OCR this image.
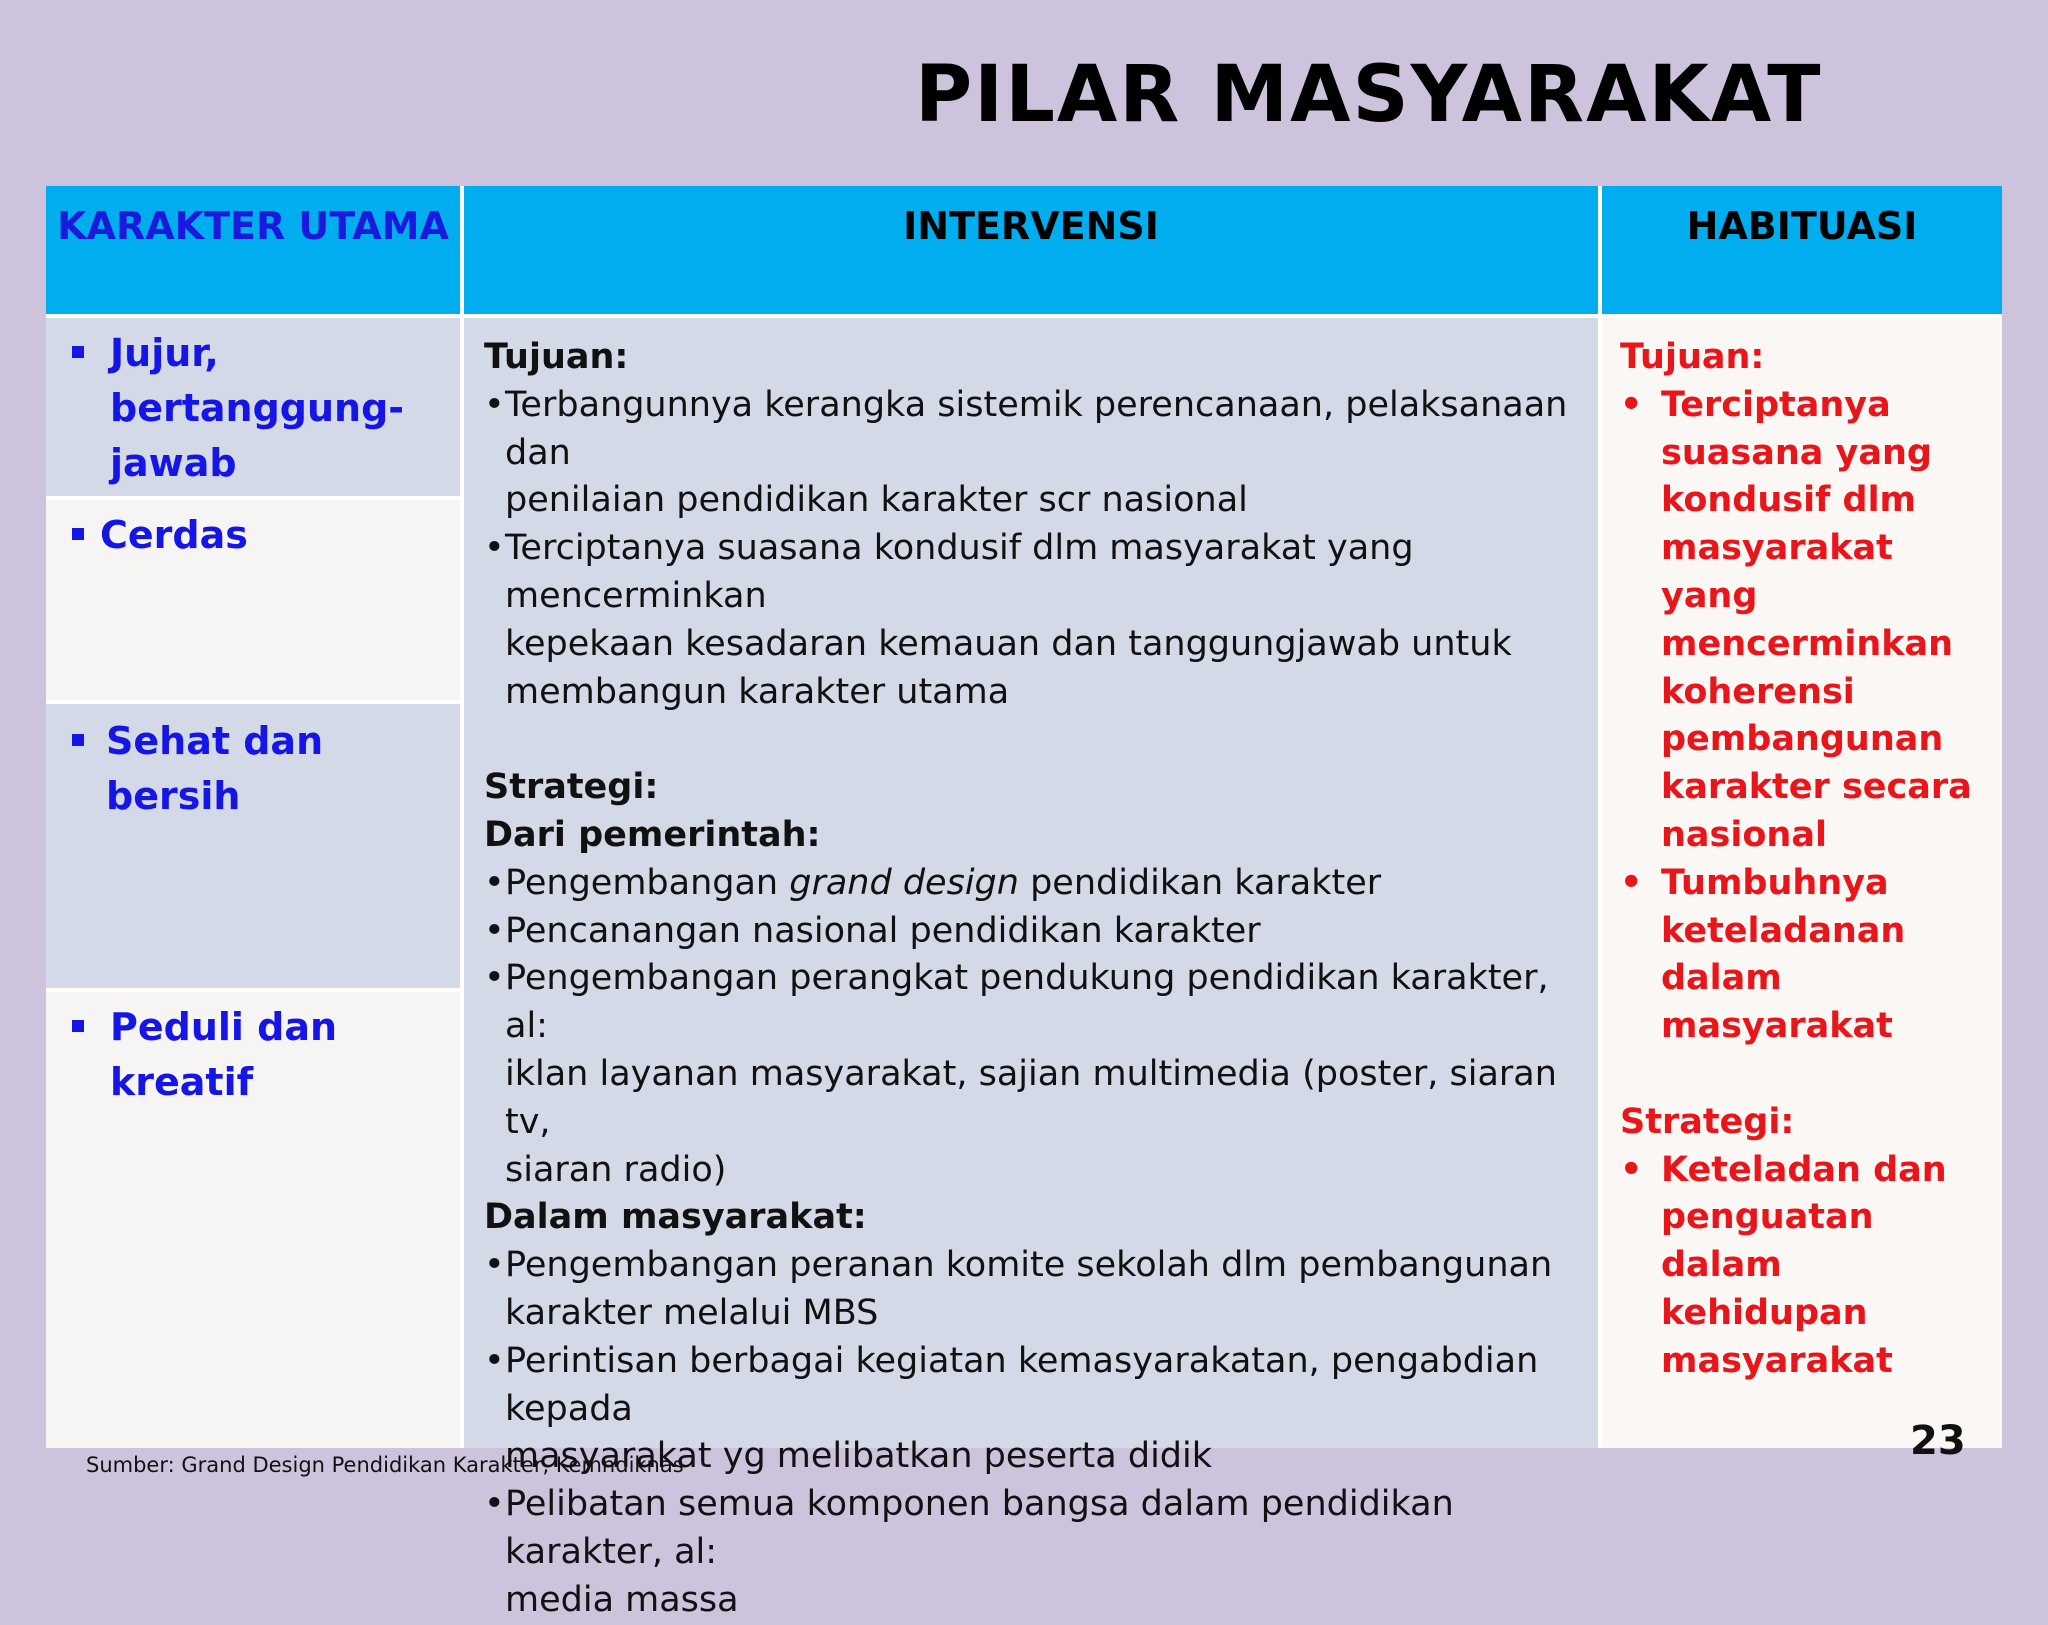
PILAR MASYARAKAT
KARAKTER UTAMA	INTERVENSI	HABITUASI
Jujur,
bertanggung-
jawab
Cerdas
Sehat dan bersih
Peduli dan kreatif
Tujuan:
• Terbangunnya kerangka sistemik perencanaan, pelaksanaan dan
penilaian pendidikan karakter scr nasional
• Terciptanya suasana kondusif dlm masyarakat yang mencerminkan
kepekaan kesadaran kemauan dan tanggungjawab untuk
membangun karakter utama
Strategi:
Dari pemerintah:
• Pengembangan grand design pendidikan karakter
• Pencanangan nasional pendidikan karakter
• Pengembangan perangkat pendukung pendidikan karakter, al:
iklan layanan masyarakat, sajian multimedia (poster, siaran tv,
siaran radio)
Dalam masyarakat:
• Pengembangan peranan komite sekolah dlm pembangunan
karakter melalui MBS
• Perintisan berbagai kegiatan kemasyarakatan, pengabdian kepada
masyarakat yg melibatkan peserta didik
• Pelibatan semua komponen bangsa dalam pendidikan karakter, al:
media massa
Tujuan:
• Terciptanya
suasana yang
kondusif dlm
masyarakat yang
mencerminkan
koherensi
pembangunan
karakter secara
nasional
• Tumbuhnya
keteladanan dalam
masyarakat
Strategi:
• Keteladan dan
penguatan dalam
kehidupan
masyarakat
Sumber: Grand Design Pendidikan Karakter, Kemndiknas
23
